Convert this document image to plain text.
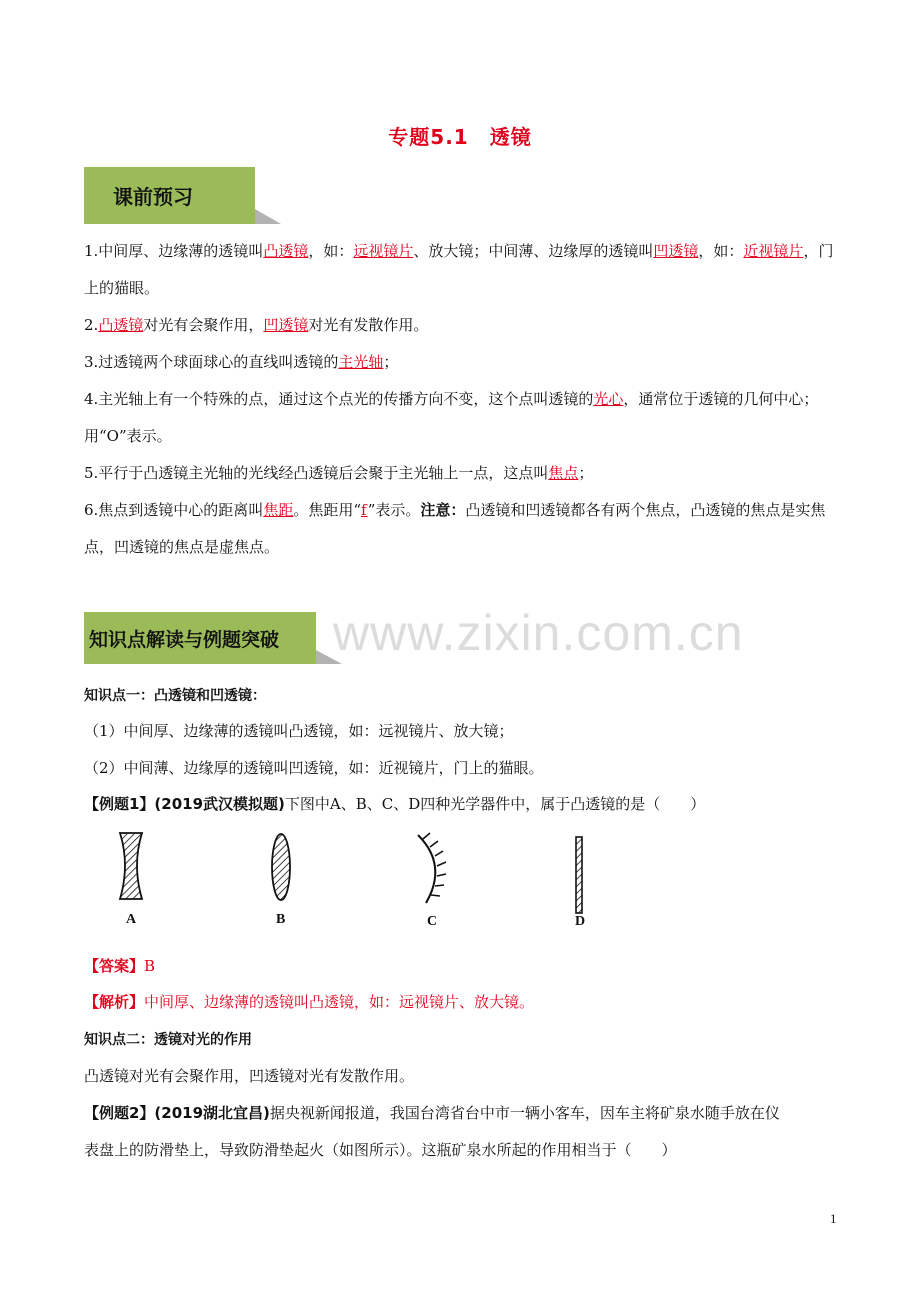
专题5.1　透镜
课前预习
1.中间厚、边缘薄的透镜叫凸透镜，如：远视镜片、放大镜；中间薄、边缘厚的透镜叫凹透镜，如：近视镜片，门上的猫眼。
2.凸透镜对光有会聚作用，凹透镜对光有发散作用。
3.过透镜两个球面球心的直线叫透镜的主光轴；
4.主光轴上有一个特殊的点，通过这个点光的传播方向不变，这个点叫透镜的光心，通常位于透镜的几何中心；用“O”表示。
5.平行于凸透镜主光轴的光线经凸透镜后会聚于主光轴上一点，这点叫焦点；
6.焦点到透镜中心的距离叫焦距。焦距用“f”表示。注意：凸透镜和凹透镜都各有两个焦点，凸透镜的焦点是实焦点，凹透镜的焦点是虚焦点。
www.zixin.com.cn
知识点解读与例题突破
知识点一：凸透镜和凹透镜：
（1）中间厚、边缘薄的透镜叫凸透镜，如：远视镜片、放大镜；
（2）中间薄、边缘厚的透镜叫凹透镜，如：近视镜片，门上的猫眼。
【例题1】(2019武汉模拟题)下图中A、B、C、D四种光学器件中，属于凸透镜的是（　　）
A	B	C	D
【答案】B
【解析】中间厚、边缘薄的透镜叫凸透镜，如：远视镜片、放大镜。
知识点二：透镜对光的作用
凸透镜对光有会聚作用，凹透镜对光有发散作用。
【例题2】(2019湖北宜昌)据央视新闻报道，我国台湾省台中市一辆小客车，因车主将矿泉水随手放在仪
表盘上的防滑垫上，导致防滑垫起火（如图所示）。这瓶矿泉水所起的作用相当于（　　）
1
